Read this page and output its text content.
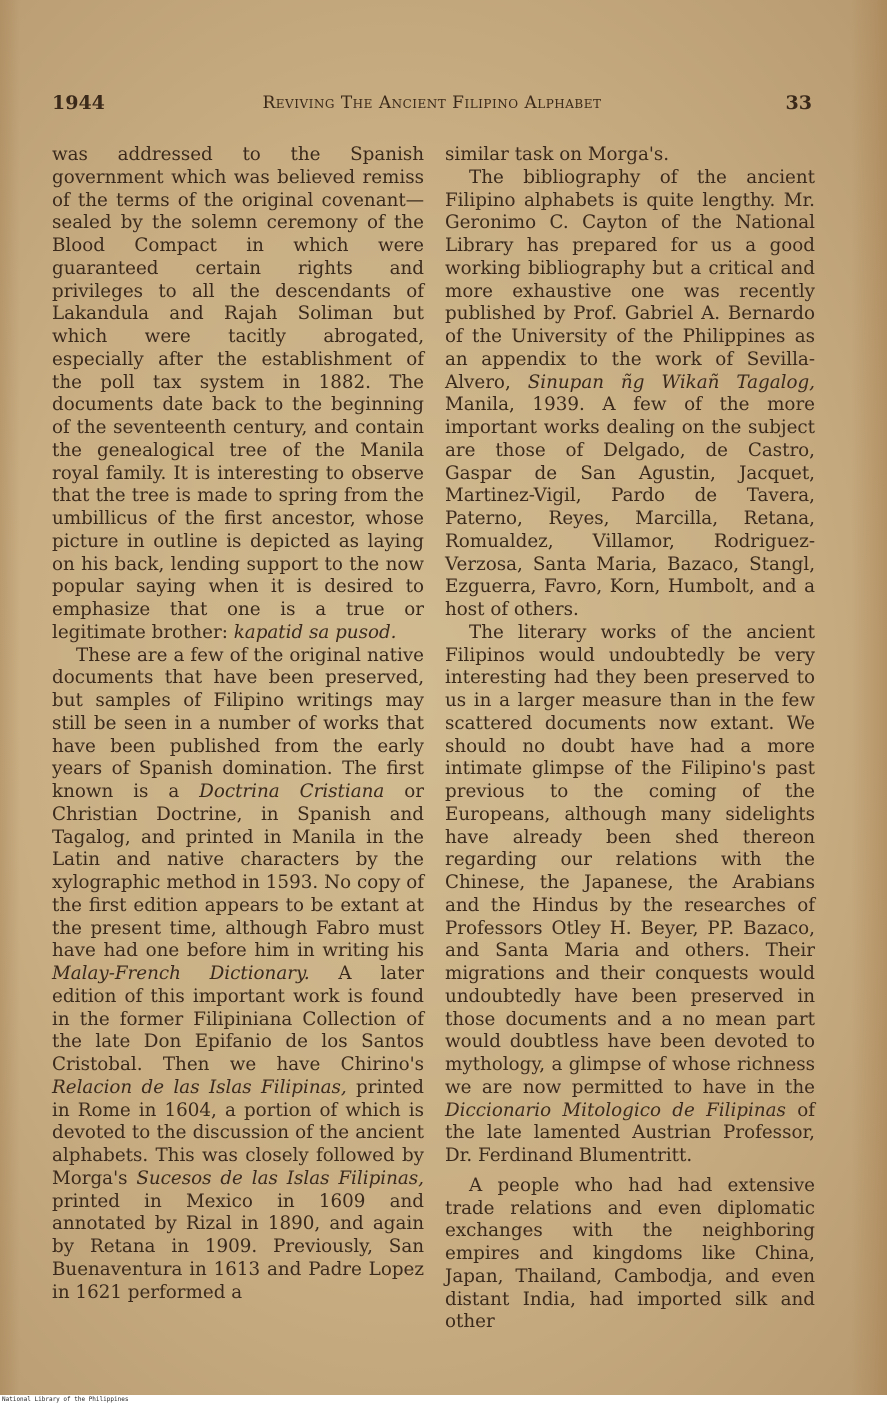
1944	Reviving The Ancient Filipino Alphabet	33

was addressed to the Spanish government which was believed remiss of the terms of the original covenant—sealed by the solemn ceremony of the Blood Compact in which were guaranteed certain rights and privileges to all the descendants of Lakandula and Rajah Soliman but which were tacitly abrogated, especially after the establishment of the poll tax system in 1882. The documents date back to the beginning of the seventeenth century, and contain the genealogical tree of the Manila royal family. It is interesting to observe that the tree is made to spring from the umbillicus of the first ancestor, whose picture in outline is depicted as laying on his back, lending support to the now popular saying when it is desired to emphasize that one is a true or legitimate brother: kapatid sa pusod.

These are a few of the original native documents that have been preserved, but samples of Filipino writings may still be seen in a number of works that have been published from the early years of Spanish domination. The first known is a Doctrina Cristiana or Christian Doctrine, in Spanish and Tagalog, and printed in Manila in the Latin and native characters by the xylographic method in 1593. No copy of the first edition appears to be extant at the present time, although Fabro must have had one before him in writing his Malay-French Dictionary. A later edition of this important work is found in the former Filipiniana Collection of the late Don Epifanio de los Santos Cristobal. Then we have Chirino's Relacion de las Islas Filipinas, printed in Rome in 1604, a portion of which is devoted to the discussion of the ancient alphabets. This was closely followed by Morga's Sucesos de las Islas Filipinas, printed in Mexico in 1609 and annotated by Rizal in 1890, and again by Retana in 1909. Previously, San Buenaventura in 1613 and Padre Lopez in 1621 performed a

similar task on Morga's.

The bibliography of the ancient Filipino alphabets is quite lengthy. Mr. Geronimo C. Cayton of the National Library has prepared for us a good working bibliography but a critical and more exhaustive one was recently published by Prof. Gabriel A. Bernardo of the University of the Philippines as an appendix to the work of Sevilla-Alvero, Sinupan ñg Wikañ Tagalog, Manila, 1939. A few of the more important works dealing on the subject are those of Delgado, de Castro, Gaspar de San Agustin, Jacquet, Martinez-Vigil, Pardo de Tavera, Paterno, Reyes, Marcilla, Retana, Romualdez, Villamor, Rodriguez-Verzosa, Santa Maria, Bazaco, Stangl, Ezguerra, Favro, Korn, Humbolt, and a host of others.

The literary works of the ancient Filipinos would undoubtedly be very interesting had they been preserved to us in a larger measure than in the few scattered documents now extant. We should no doubt have had a more intimate glimpse of the Filipino's past previous to the coming of the Europeans, although many sidelights have already been shed thereon regarding our relations with the Chinese, the Japanese, the Arabians and the Hindus by the researches of Professors Otley H. Beyer, PP. Bazaco, and Santa Maria and others. Their migrations and their conquests would undoubtedly have been preserved in those documents and a no mean part would doubtless have been devoted to mythology, a glimpse of whose richness we are now permitted to have in the Diccionario Mitologico de Filipinas of the late lamented Austrian Professor, Dr. Ferdinand Blumentritt.

A people who had had extensive trade relations and even diplomatic exchanges with the neighboring empires and kingdoms like China, Japan, Thailand, Cambodja, and even distant India, had imported silk and other

National Library of the Philippines
